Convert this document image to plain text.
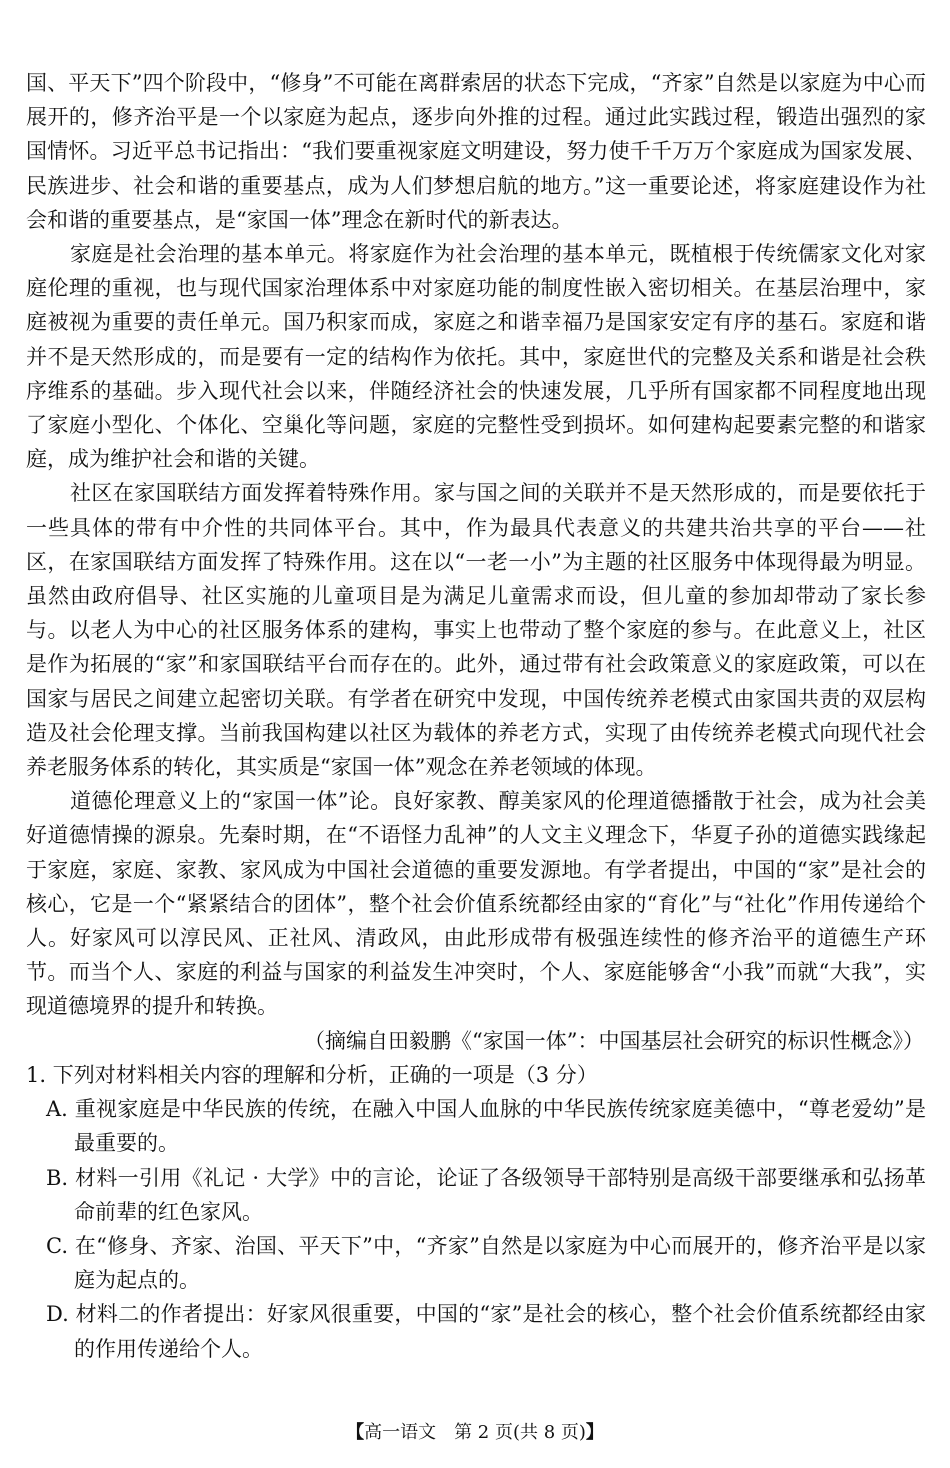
国、平天下”四个阶段中，“修身”不可能在离群索居的状态下完成，“齐家”自然是以家庭为中心而展开的，修齐治平是一个以家庭为起点，逐步向外推的过程。通过此实践过程，锻造出强烈的家国情怀。习近平总书记指出：“我们要重视家庭文明建设，努力使千千万万个家庭成为国家发展、民族进步、社会和谐的重要基点，成为人们梦想启航的地方。”这一重要论述，将家庭建设作为社会和谐的重要基点，是“家国一体”理念在新时代的新表达。

家庭是社会治理的基本单元。将家庭作为社会治理的基本单元，既植根于传统儒家文化对家庭伦理的重视，也与现代国家治理体系中对家庭功能的制度性嵌入密切相关。在基层治理中，家庭被视为重要的责任单元。国乃积家而成，家庭之和谐幸福乃是国家安定有序的基石。家庭和谐并不是天然形成的，而是要有一定的结构作为依托。其中，家庭世代的完整及关系和谐是社会秩序维系的基础。步入现代社会以来，伴随经济社会的快速发展，几乎所有国家都不同程度地出现了家庭小型化、个体化、空巢化等问题，家庭的完整性受到损坏。如何建构起要素完整的和谐家庭，成为维护社会和谐的关键。

社区在家国联结方面发挥着特殊作用。家与国之间的关联并不是天然形成的，而是要依托于一些具体的带有中介性的共同体平台。其中，作为最具代表意义的共建共治共享的平台——社区，在家国联结方面发挥了特殊作用。这在以“一老一小”为主题的社区服务中体现得最为明显。虽然由政府倡导、社区实施的儿童项目是为满足儿童需求而设，但儿童的参加却带动了家长参与。以老人为中心的社区服务体系的建构，事实上也带动了整个家庭的参与。在此意义上，社区是作为拓展的“家”和家国联结平台而存在的。此外，通过带有社会政策意义的家庭政策，可以在国家与居民之间建立起密切关联。有学者在研究中发现，中国传统养老模式由家国共责的双层构造及社会伦理支撑。当前我国构建以社区为载体的养老方式，实现了由传统养老模式向现代社会养老服务体系的转化，其实质是“家国一体”观念在养老领域的体现。

道德伦理意义上的“家国一体”论。良好家教、醇美家风的伦理道德播散于社会，成为社会美好道德情操的源泉。先秦时期，在“不语怪力乱神”的人文主义理念下，华夏子孙的道德实践缘起于家庭，家庭、家教、家风成为中国社会道德的重要发源地。有学者提出，中国的“家”是社会的核心，它是一个“紧紧结合的团体”，整个社会价值系统都经由家的“育化”与“社化”作用传递给个人。好家风可以淳民风、正社风、清政风，由此形成带有极强连续性的修齐治平的道德生产环节。而当个人、家庭的利益与国家的利益发生冲突时，个人、家庭能够舍“小我”而就“大我”，实现道德境界的提升和转换。

（摘编自田毅鹏《“家国一体”：中国基层社会研究的标识性概念》）

1. 下列对材料相关内容的理解和分析，正确的一项是（3 分）

A. 重视家庭是中华民族的传统，在融入中国人血脉的中华民族传统家庭美德中，“尊老爱幼”是最重要的。

B. 材料一引用《礼记 · 大学》中的言论，论证了各级领导干部特别是高级干部要继承和弘扬革命前辈的红色家风。

C. 在“修身、齐家、治国、平天下”中，“齐家”自然是以家庭为中心而展开的，修齐治平是以家庭为起点的。

D. 材料二的作者提出：好家风很重要，中国的“家”是社会的核心，整个社会价值系统都经由家的作用传递给个人。

【高一语文　第 2 页(共 8 页)】
